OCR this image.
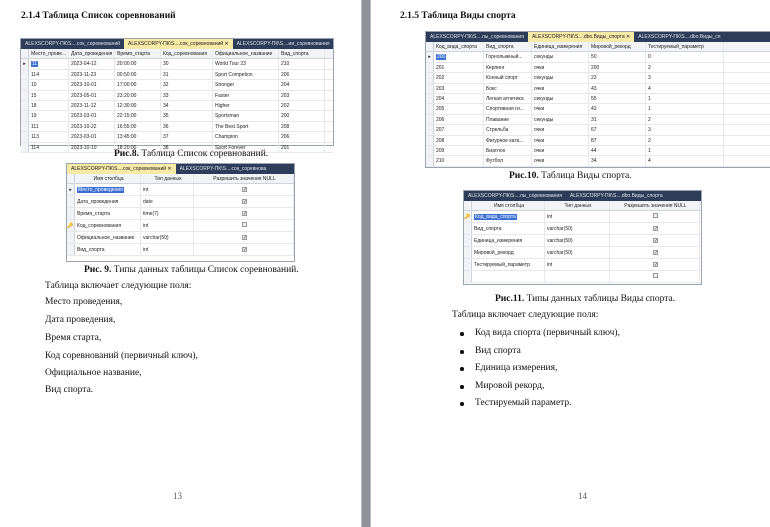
2.1.4 Таблица Список соревнований
ALEXSCORPY-ПК\S....сок_соревнований	ALEXSCORPY-ПК\S....сок_соревнований ✕	ALEXSCORPY-ПК\S....ии_соревнования
Место_прове... Дата_проведения Время_старта	Код_соревнования	Официальное_название	Вид_спорта
▸	11	2023-04-12	20:00:00	30	World Tour 23	210
114	2023-11-23	00:50:00	31	Sport Competion	206
10	2023-10-01	17:00:00	32	Stronger	204
15	2023-05-01	23:20:00	33	Faster	203
18	2023-11-12	12:30:00	34	Higher	202
19	2023-03-01	22:15:00	35	Sportsman	200
111	2023-10-22	16:55:00	36	The Best Sport	208
113	2023-03-01	13:45:00	37	Champion	206
114	2023-10-10	18:20:00	38	Sport Forever	201
Рис.8. Таблица Список соревнований.
ALEXSCORPY-ПК\S....сок_соревнований ✕	ALEXSCORPY-ПК\S....сок_соревнова
Имя столбца	Тип данных	Разрешить значения NULL
▸	Место_проведения	int	✓
Дата_проведения	date	✓
Время_старта	time(7)	✓
🔑 Код_соревнования	int
Официальное_название	varchar(50)	✓
Вид_спорта	int	✓
Рис. 9. Типы данных таблицы Список соревнований.
Таблица включает следующие поля:
Место проведения,
Дата проведения,
Время старта,
Код соревнований (первичный ключ),
Официальное название,
Вид спорта.
13
2.1.5 Таблица Виды спорта
ALEXSCORPY-ПК\S....лы_соревнования	ALEXSCORPY-ПК\S....dbo.Виды_спорта ✕	ALEXSCORPY-ПК\S....dbo.Виды_сп
Код_вида_спорта	Вид_спорта	Единица_измерения	Мировой_рекорд	Тестируемый_параметр
▸	200	Горнолыжный...	секунды	50	0
201	Керлинг	очки	200	2
202	Конный спорт	секунды	23	3
203	Бокс	очки	43	4
204	Легкая атлетика	секунды	55	1
205	Спортивная ги...	очки	43	1
206	Плавание	секунды	31	2
207	Стрельба	очки	67	3
208	Фигурное ката...	очки	87	2
209	Биатлон	очки	44	1
210	Футбол	очки	34	4
Рис.10. Таблица Виды спорта.
ALEXSCORPY-ПК\S....лы_соревнования	ALEXSCORPY-ПК\S....dbo.Виды_спорта
Имя столбца	Тип данных	Разрешить значения NULL
🔑 Код_вида_спорта	int
Вид_спорта	varchar(50)	✓
Единица_измерения	varchar(50)	✓
Мировой_рекорд	varchar(50)	✓
Тестируемый_параметр	int	✓
Рис.11. Типы данных таблицы Виды спорта.
Таблица включает следующие поля:
Код вида спорта (первичный ключ),
Вид спорта
Единица измерения,
Мировой рекорд,
Тестируемый параметр.
14
